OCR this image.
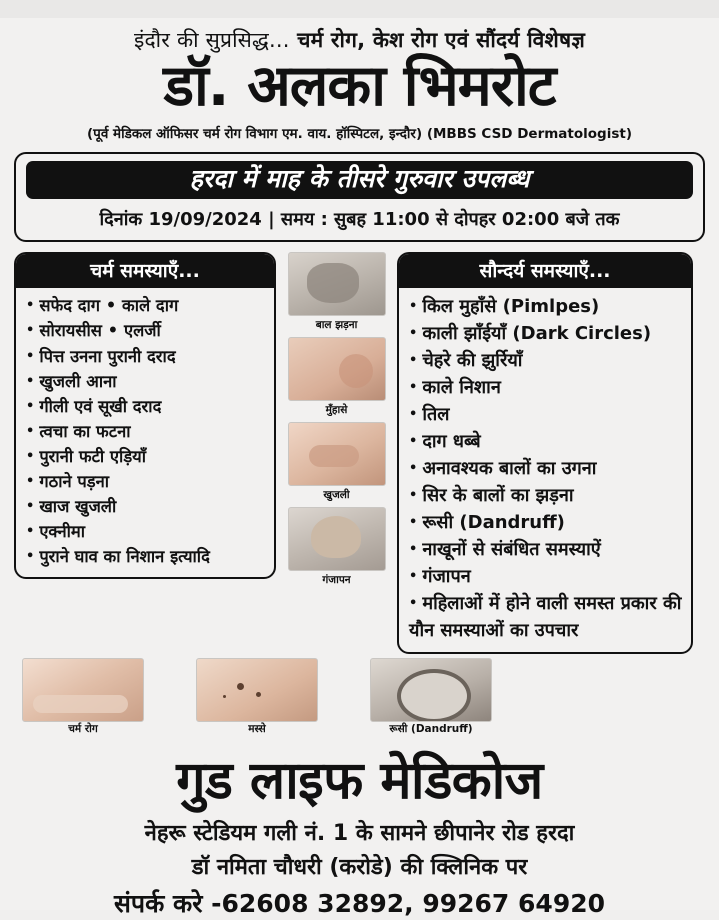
इंदौर की सुप्रसिद्ध... चर्म रोग, केश रोग एवं सौंदर्य विशेषज्ञ
डॉ. अलका भिमरोट
(पूर्व मेडिकल ऑफिसर चर्म रोग विभाग एम. वाय. हॉस्पिटल, इन्दौर) (MBBS CSD Dermatologist)
हरदा में माह के तीसरे गुरुवार उपलब्ध
दिनांक 19/09/2024 | समय : सुबह 11:00 से दोपहर 02:00 बजे तक
चर्म समस्याएँ...
• सफेद दाग • काले दाग
• सोरायसीस • एलर्जी
• पित्त उनना पुरानी दराद
• खुजली आना
• गीली एवं सूखी दराद
• त्वचा का फटना
• पुरानी फटी एड़ियाँ
• गठाने पड़ना
• खाज खुजली
• एक्नीमा
• पुराने घाव का निशान इत्यादि
बाल झड़ना
मुँहासे
खुजली
गंजापन
सौन्दर्य समस्याएँ...
• किल मुहाँसे (Pimlpes)
• काली झाँईयाँ (Dark Circles)
• चेहरे की झुर्रियाँ
• काले निशान
• तिल
• दाग धब्बे
• अनावश्यक बालों का उगना
• सिर के बालों का झड़ना
• रूसी (Dandruff)
• नाखूनों से संबंधित समस्याऐं
• गंजापन
• महिलाओं में होने वाली समस्त प्रकार की यौन समस्याओं का उपचार
चर्म रोग	मस्से	रूसी (Dandruff)
गुड लाइफ मेडिकोज
नेहरू स्टेडियम गली नं. 1 के सामने छीपानेर रोड हरदा
डॉ नमिता चौधरी (करोडे) की क्लिनिक पर
संपर्क करे -62608 32892, 99267 64920
